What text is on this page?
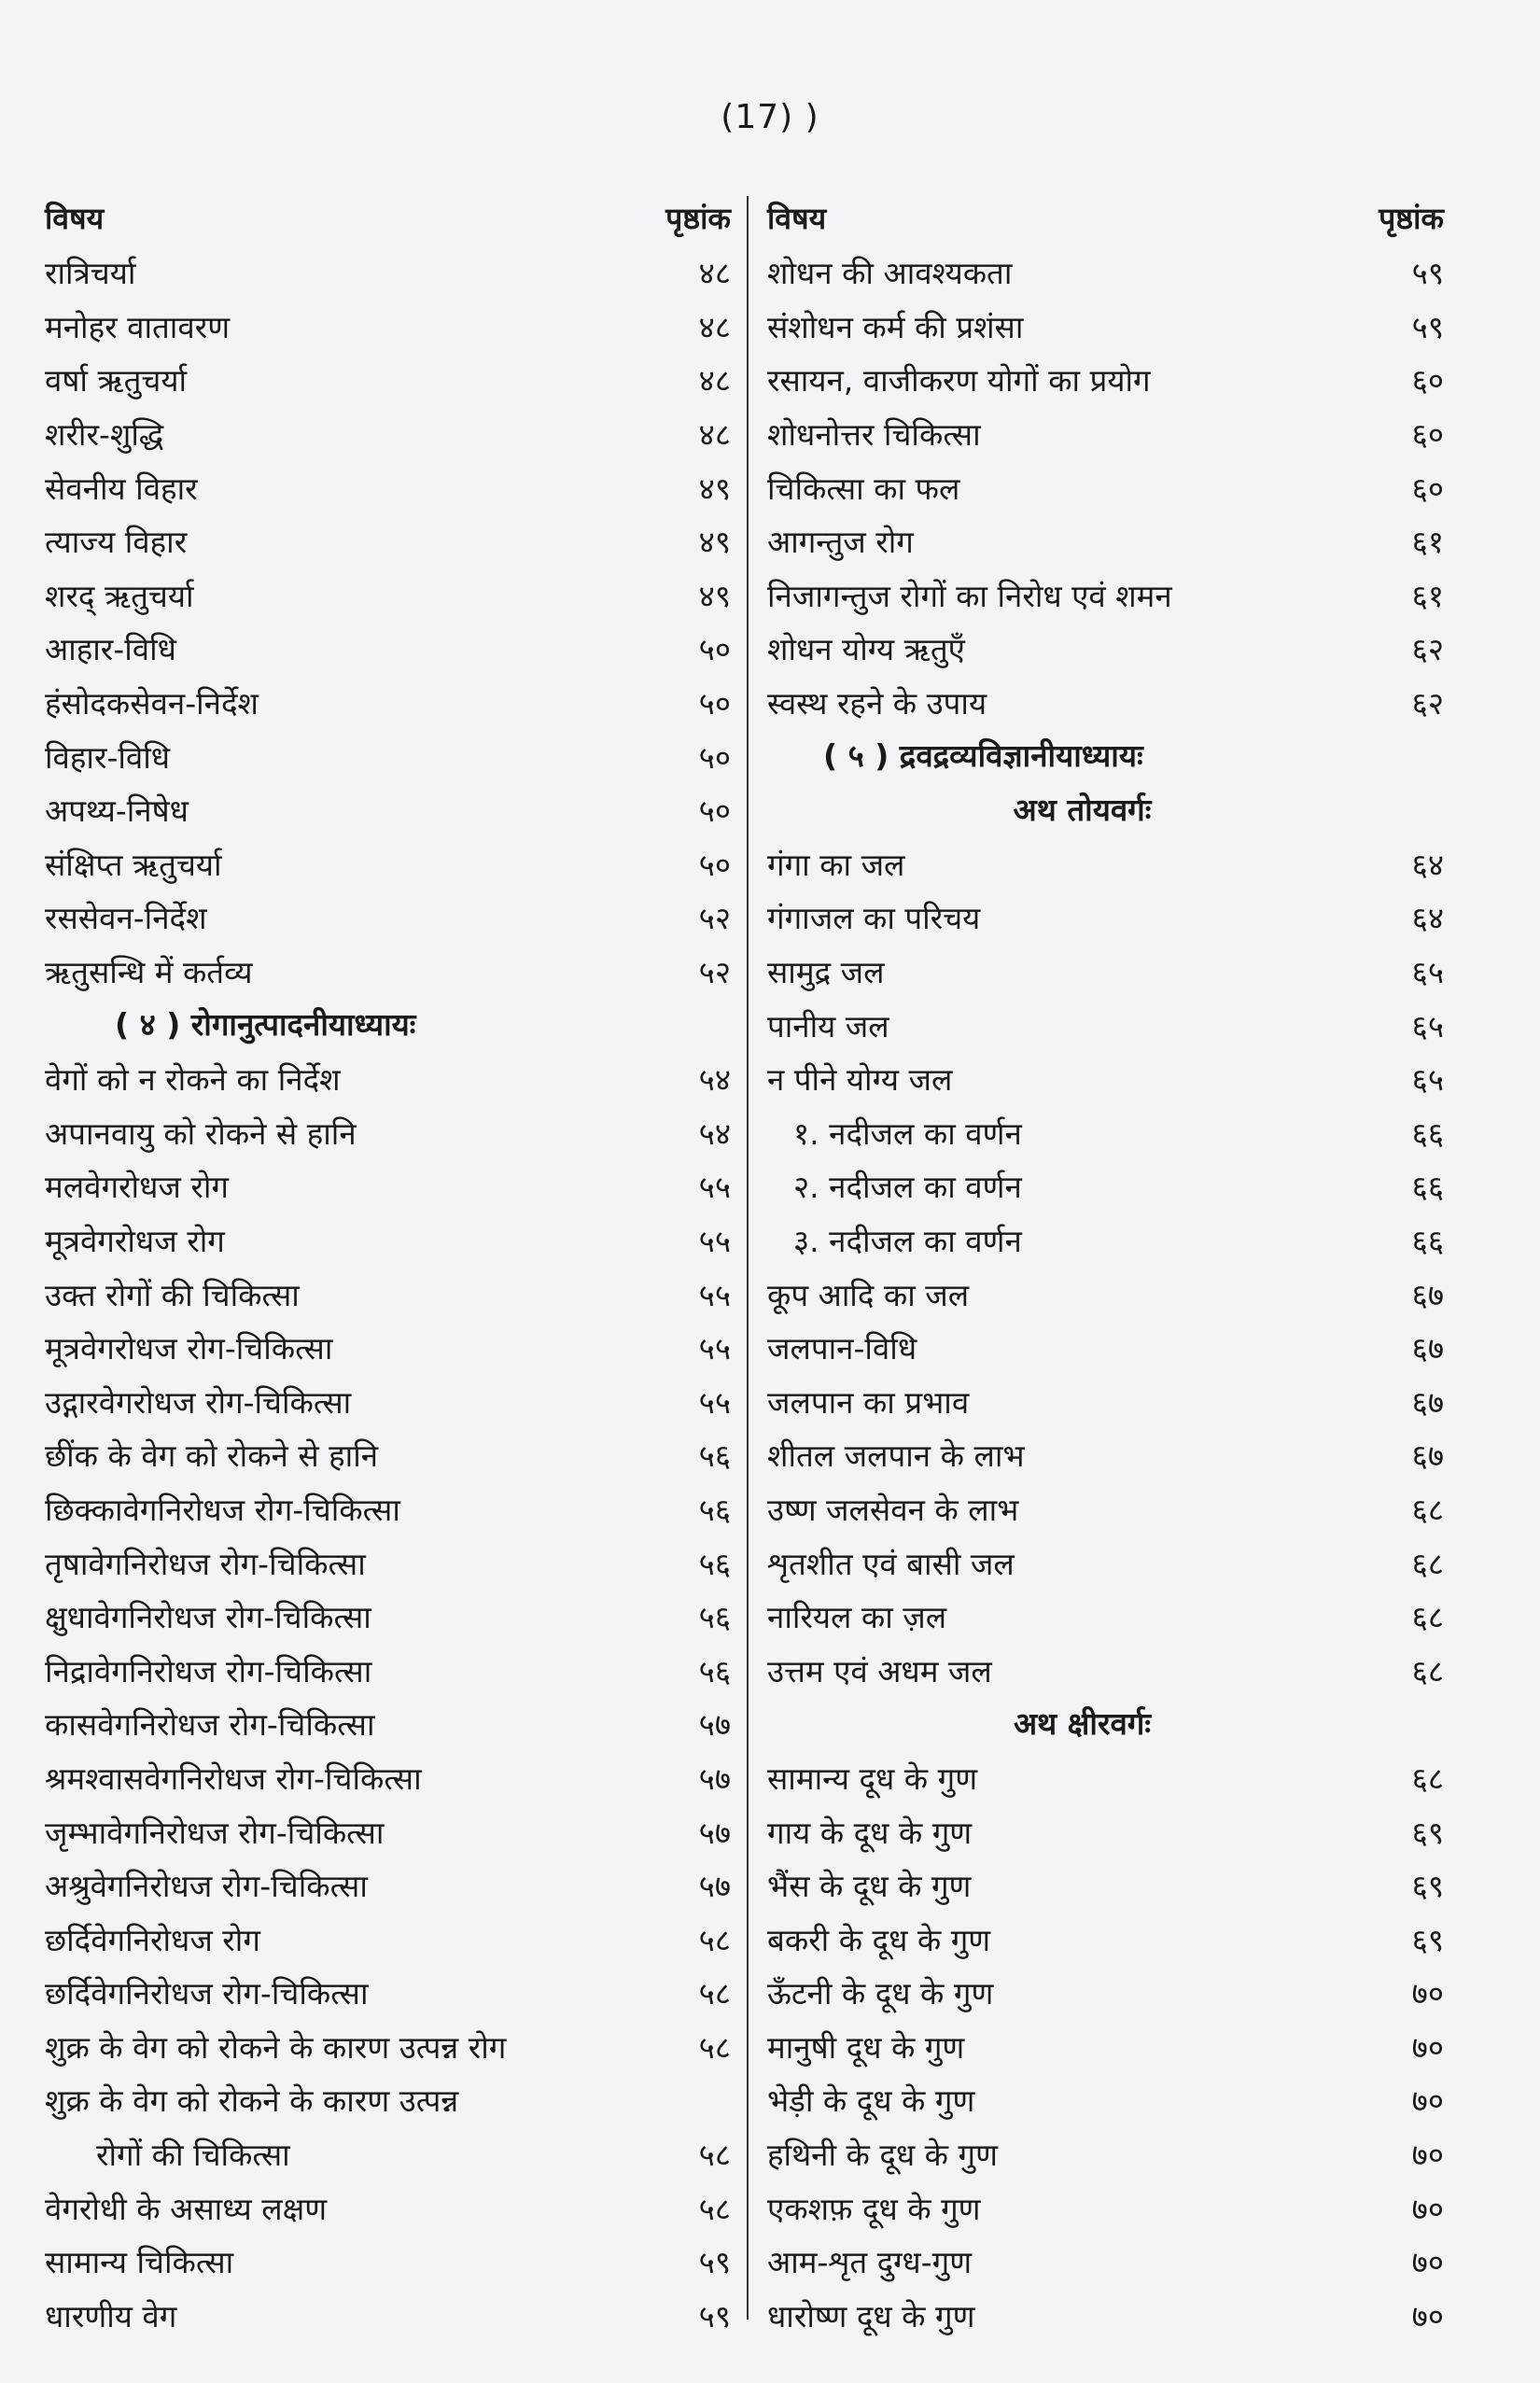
(17) )
विषय	पृष्ठांक
रात्रिचर्या	४८
मनोहर वातावरण	४८
वर्षा ऋतुचर्या	४८
शरीर-शुद्धि	४८
सेवनीय विहार	४९
त्याज्य विहार	४९
शरद् ऋतुचर्या	४९
आहार-विधि	५०
हंसोदकसेवन-निर्देश	५०
विहार-विधि	५०
अपथ्य-निषेध	५०
संक्षिप्त ऋतुचर्या	५०
रससेवन-निर्देश	५२
ऋतुसन्धि में कर्तव्य	५२
( ४ ) रोगानुत्पादनीयाध्यायः
वेगों को न रोकने का निर्देश	५४
अपानवायु को रोकने से हानि	५४
मलवेगरोधज रोग	५५
मूत्रवेगरोधज रोग	५५
उक्त रोगों की चिकित्सा	५५
मूत्रवेगरोधज रोग-चिकित्सा	५५
उद्गारवेगरोधज रोग-चिकित्सा	५५
छींक के वेग को रोकने से हानि	५६
छिक्कावेगनिरोधज रोग-चिकित्सा	५६
तृषावेगनिरोधज रोग-चिकित्सा	५६
क्षुधावेगनिरोधज रोग-चिकित्सा	५६
निद्रावेगनिरोधज रोग-चिकित्सा	५६
कासवेगनिरोधज रोग-चिकित्सा	५७
श्रमश्वासवेगनिरोधज रोग-चिकित्सा	५७
जृम्भावेगनिरोधज रोग-चिकित्सा	५७
अश्रुवेगनिरोधज रोग-चिकित्सा	५७
छर्दिवेगनिरोधज रोग	५८
छर्दिवेगनिरोधज रोग-चिकित्सा	५८
शुक्र के वेग को रोकने के कारण उत्पन्न रोग	५८
शुक्र के वेग को रोकने के कारण उत्पन्न
रोगों की चिकित्सा	५८
वेगरोधी के असाध्य लक्षण	५८
सामान्य चिकित्सा	५९
धारणीय वेग	५९
विषय	पृष्ठांक
शोधन की आवश्यकता	५९
संशोधन कर्म की प्रशंसा	५९
रसायन, वाजीकरण योगों का प्रयोग	६०
शोधनोत्तर चिकित्सा	६०
चिकित्सा का फल	६०
आगन्तुज रोग	६१
निजागन्तुज रोगों का निरोध एवं शमन	६१
शोधन योग्य ऋतुएँ	६२
स्वस्थ रहने के उपाय	६२
( ५ ) द्रवद्रव्यविज्ञानीयाध्यायः
अथ तोयवर्गः
गंगा का जल	६४
गंगाजल का परिचय	६४
सामुद्र जल	६५
पानीय जल	६५
न पीने योग्य जल	६५
१. नदीजल का वर्णन	६६
२. नदीजल का वर्णन	६६
३. नदीजल का वर्णन	६६
कूप आदि का जल	६७
जलपान-विधि	६७
जलपान का प्रभाव	६७
शीतल जलपान के लाभ	६७
उष्ण जलसेवन के लाभ	६८
शृतशीत एवं बासी जल	६८
नारियल का ज़ल	६८
उत्तम एवं अधम जल	६८
अथ क्षीरवर्गः
सामान्य दूध के गुण	६८
गाय के दूध के गुण	६९
भैंस के दूध के गुण	६९
बकरी के दूध के गुण	६९
ऊँटनी के दूध के गुण	७०
मानुषी दूध के गुण	७०
भेड़ी के दूध के गुण	७०
हथिनी के दूध के गुण	७०
एकशफ़ दूध के गुण	७०
आम-शृत दुग्ध-गुण	७०
धारोष्ण दूध के गुण	७०
